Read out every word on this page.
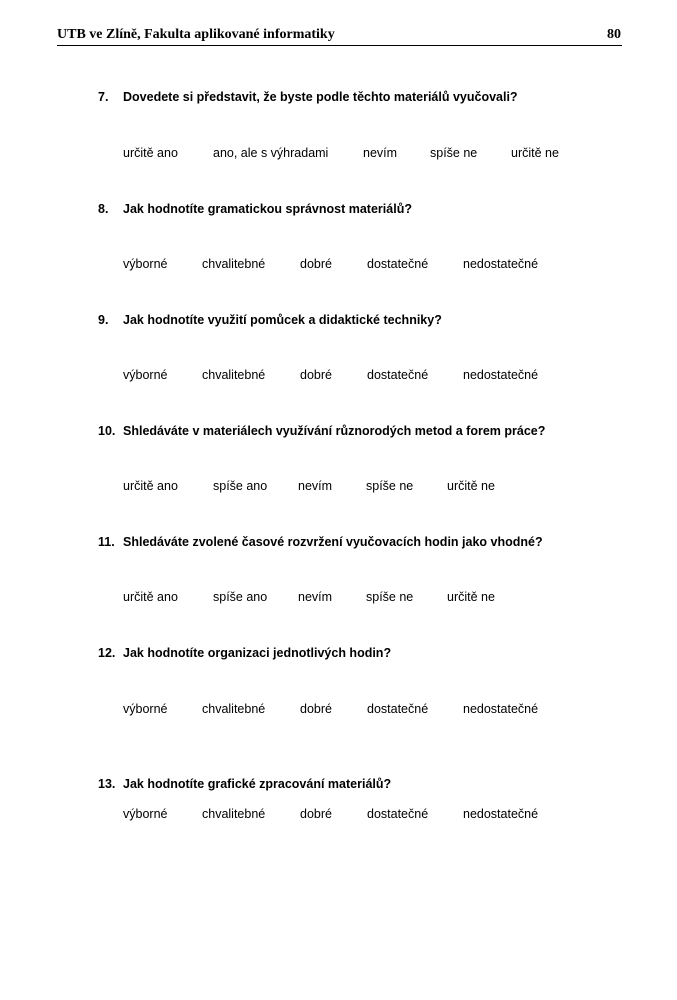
UTB ve Zlíně, Fakulta aplikované informatiky	80
7. Dovedete si představit, že byste podle těchto materiálů vyučovali?
určitě ano	ano, ale s výhradami	nevím	spíše ne	určitě ne
8. Jak hodnotíte gramatickou správnost materiálů?
výborné	chvalitebné	dobré	dostatečné	nedostatečné
9. Jak hodnotíte využití pomůcek a didaktické techniky?
výborné	chvalitebné	dobré	dostatečné	nedostatečné
10. Shledáváte v materiálech využívání různorodých metod a forem práce?
určitě ano	spíše ano nevím	spíše ne	určitě ne
11. Shledáváte zvolené časové rozvržení vyučovacích hodin jako vhodné?
určitě ano	spíše ano nevím	spíše ne	určitě ne
12. Jak hodnotíte organizaci jednotlivých hodin?
výborné	chvalitebné	dobré	dostatečné	nedostatečné
13. Jak hodnotíte grafické zpracování materiálů?
výborné	chvalitebné	dobré	dostatečné	nedostatečné
